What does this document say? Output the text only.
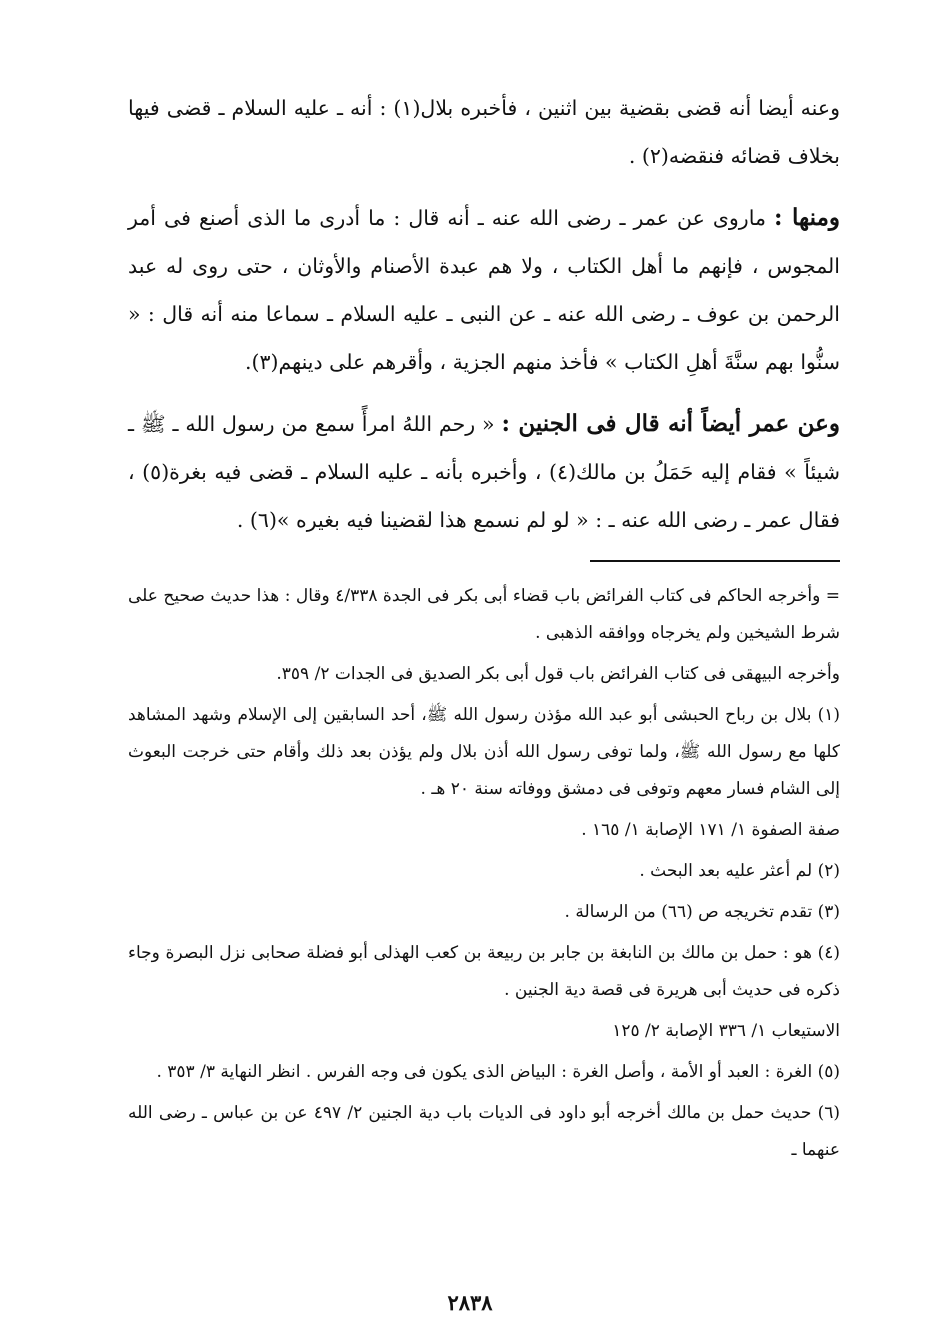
وعنه أيضا أنه قضى بقضية بين اثنين ، فأخبره بلال(١) : أنه ـ عليه السلام ـ قضى فيها بخلاف قضائه فنقضه(٢) .

ومنها : ماروى عن عمر ـ رضى الله عنه ـ أنه قال : ما أدرى ما الذى أصنع فى أمر المجوس ، فإنهم ما أهل الكتاب ، ولا هم عبدة الأصنام والأوثان ، حتى روى له عبد الرحمن بن عوف ـ رضى الله عنه ـ عن النبى ـ عليه السلام ـ سماعا منه أنه قال : « سنُّوا بهم سنَّةَ أهلِ الكتاب » فأخذ منهم الجزية ، وأقرهم على دينهم(٣).

وعن عمر أيضاً أنه قال فى الجنين : « رحم اللهُ امرأً سمع من رسول الله ـ ﷺ ـ شيئاً » فقام إليه حَمَلُ بن مالك(٤) ، وأخبره بأنه ـ عليه السلام ـ قضى فيه بغرة(٥) ، فقال عمر ـ رضى الله عنه ـ : « لو لم نسمع هذا لقضينا فيه بغيره »(٦) .

= وأخرجه الحاكم فى كتاب الفرائض باب قضاء أبى بكر فى الجدة ٤/٣٣٨ وقال : هذا حديث صحيح على شرط الشيخين ولم يخرجاه ووافقه الذهبى .

وأخرجه البيهقى فى كتاب الفرائض باب قول أبى بكر الصديق فى الجدات ٢/ ٣٥٩.

(١) بلال بن رباح الحبشى أبو عبد الله مؤذن رسول الله ﷺ، أحد السابقين إلى الإسلام وشهد المشاهد كلها مع رسول الله ﷺ، ولما توفى رسول الله أذن بلال ولم يؤذن بعد ذلك وأقام حتى خرجت البعوث إلى الشام فسار معهم وتوفى فى دمشق ووفاته سنة ٢٠ هـ .

صفة الصفوة ١/ ١٧١ الإصابة ١/ ١٦٥ .

(٢) لم أعثر عليه بعد البحث .

(٣) تقدم تخريجه ص (٦٦) من الرسالة .

(٤) هو : حمل بن مالك بن النابغة بن جابر بن ربيعة بن كعب الهذلى أبو فضلة صحابى نزل البصرة وجاء ذكره فى حديث أبى هريرة فى قصة دية الجنين .

الاستيعاب ١/ ٣٣٦ الإصابة ٢/ ١٢٥

(٥) الغرة : العبد أو الأمة ، وأصل الغرة : البياض الذى يكون فى وجه الفرس . انظر النهاية ٣/ ٣٥٣ .

(٦) حديث حمل بن مالك أخرجه أبو داود فى الديات باب دية الجنين ٢/ ٤٩٧ عن بن عباس ـ رضى الله عنهما ـ

٢٨٣٨
